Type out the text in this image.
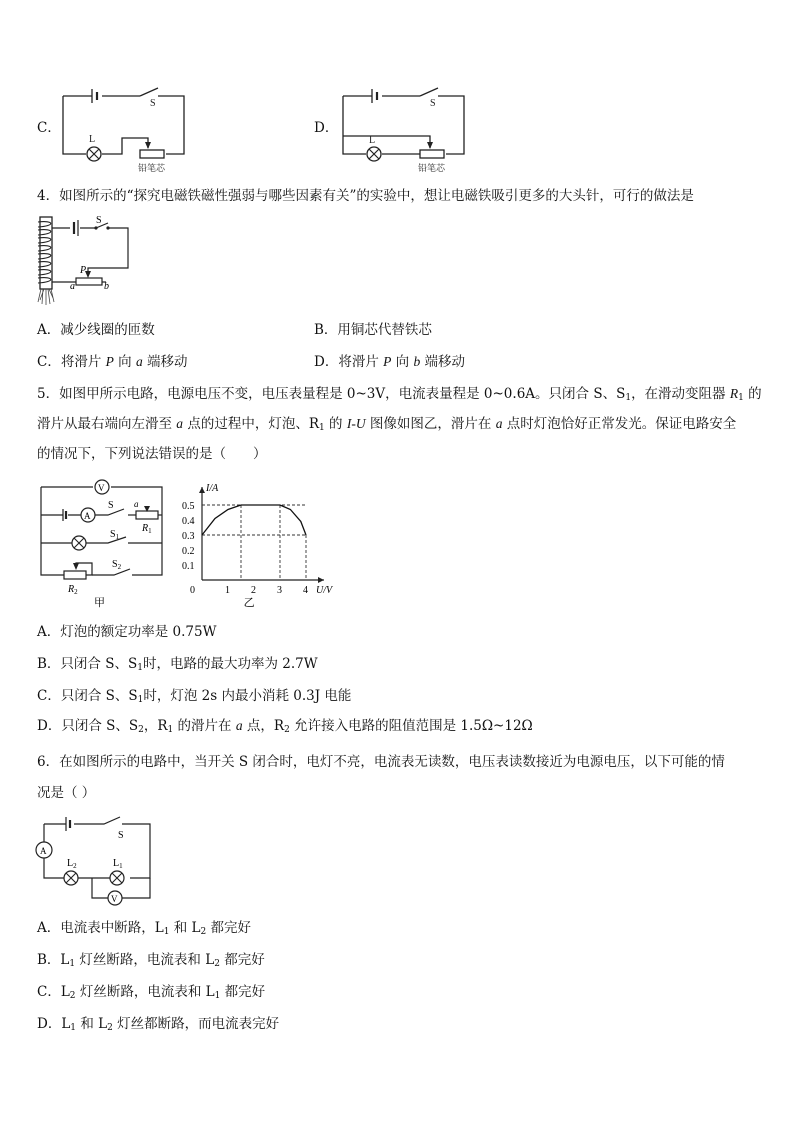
C．
S
L
铅笔芯
D．
S
L
铅笔芯
4．如图所示的“探究电磁铁磁性强弱与哪些因素有关”的实验中，想让电磁铁吸引更多的大头针，可行的做法是
S
P
a	b
A．减少线圈的匝数	B．用铜芯代替铁芯
C．将滑片 P 向 a 端移动	D．将滑片 P 向 b 端移动
5．如图甲所示电路，电源电压不变，电压表量程是 0~3V，电流表量程是 0~0.6A。只闭合 S、$S_1$，在滑动变阻器 $R_1$ 的
滑片从最右端向左滑至 a 点的过程中，灯泡、$R_1$ 的 I-U 图像如图乙，滑片在 a 点时灯泡恰好正常发光。保证电路安全
的情况下，下列说法错误的是（　　）
V
A
S a
$R_1$
$S_1$
$S_2$
$R_2$
甲
U/V
I/A
0	1 2 3 4
0.1
0.2
0.3
0.4
0.5
乙
A．灯泡的额定功率是 0.75W
B．只闭合 S、$S_1$时，电路的最大功率为 2.7W
C．只闭合 S、$S_1$时，灯泡 2s 内最小消耗 0.3J 电能
D．只闭合 S、$S_2$，$R_1$ 的滑片在 a 点，$R_2$ 允许接入电路的阻值范围是 1.5Ω~12Ω
6．在如图所示的电路中，当开关 S 闭合时，电灯不亮，电流表无读数，电压表读数接近为电源电压，以下可能的情
况是（ ）
A
V
S
$L_2$	$L_1$
A．电流表中断路，$L_1$ 和 $L_2$ 都完好
B．$L_1$ 灯丝断路，电流表和 $L_2$ 都完好
C．$L_2$ 灯丝断路，电流表和 $L_1$ 都完好
D．$L_1$ 和 $L_2$ 灯丝都断路，而电流表完好
